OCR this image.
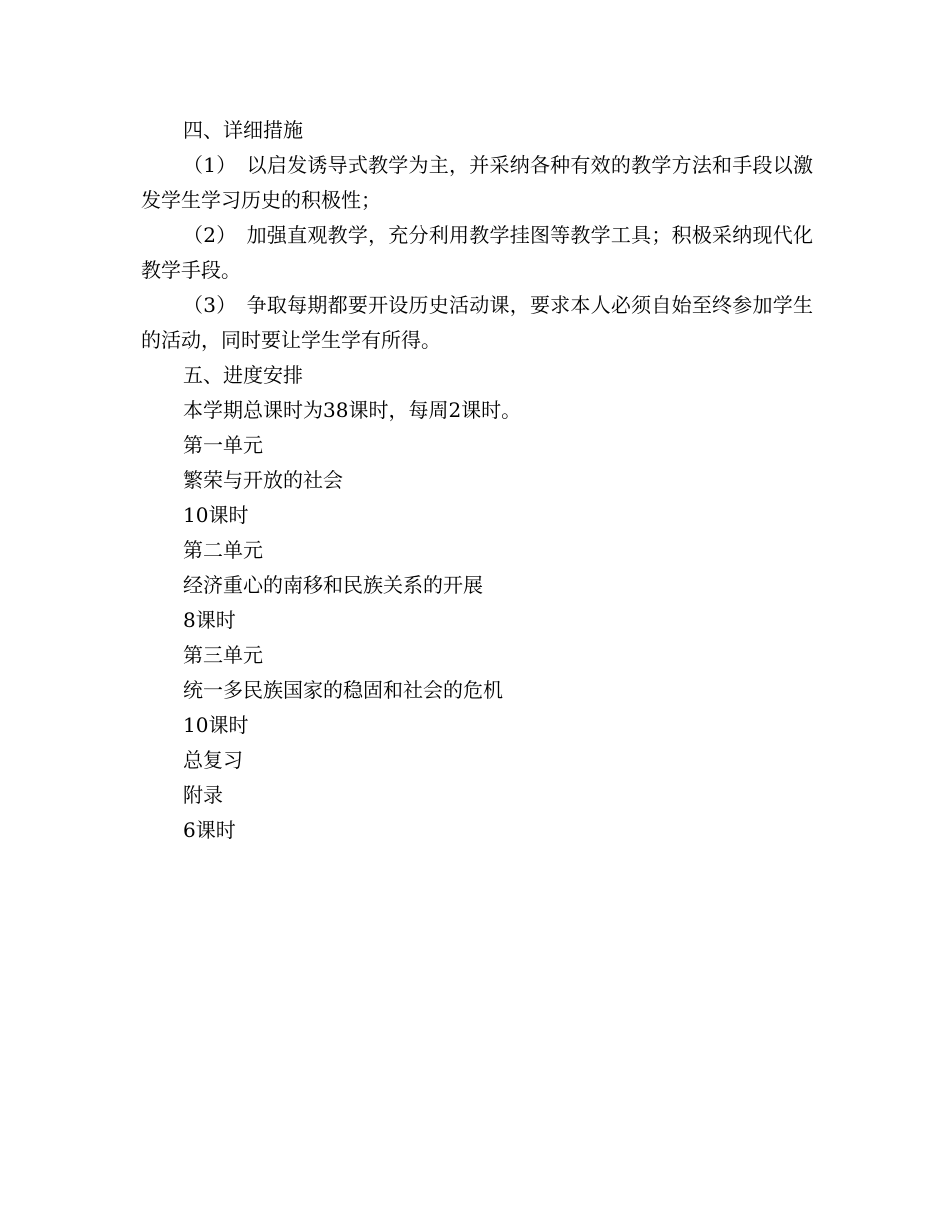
四、详细措施
（1）　以启发诱导式教学为主，并采纳各种有效的教学方法和手段以激发学生学习历史的积极性；
（2）　加强直观教学，充分利用教学挂图等教学工具；积极采纳现代化教学手段。
（3）　争取每期都要开设历史活动课，要求本人必须自始至终参加学生的活动，同时要让学生学有所得。
五、进度安排
本学期总课时为38课时，每周2课时。
第一单元
繁荣与开放的社会
10课时
第二单元
经济重心的南移和民族关系的开展
8课时
第三单元
统一多民族国家的稳固和社会的危机
10课时
总复习
附录
6课时
